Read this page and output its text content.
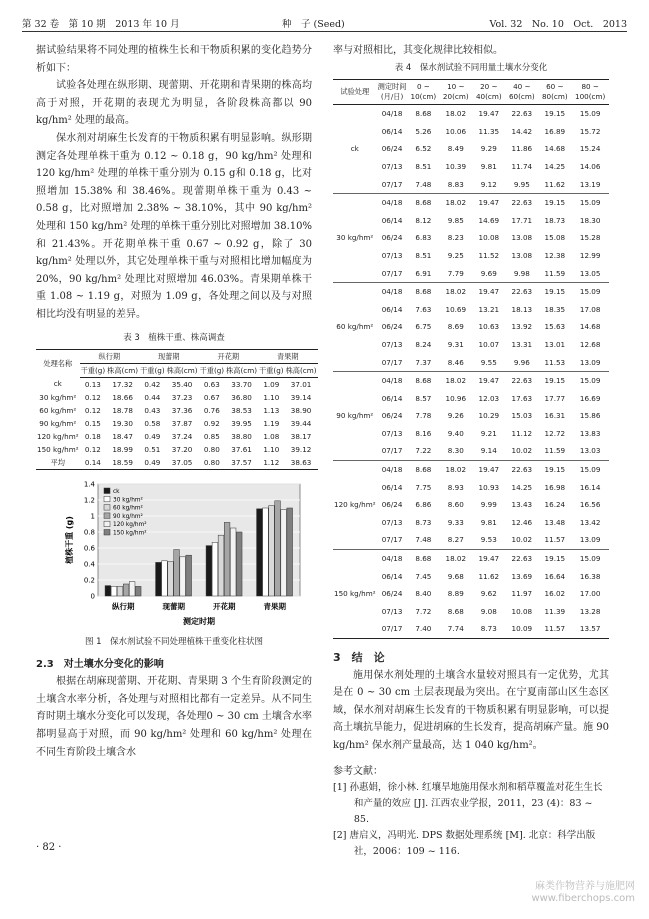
第 32 卷　第 10 期　2013 年 10 月	种　子 (Seed)	Vol. 32　No. 10　Oct.　2013

据试验结果将不同处理的植株生长和干物质积累的变化趋势分析如下：

试验各处理在纵形期、现蕾期、开花期和青果期的株高均高于对照，开花期的表现尤为明显，各阶段株高都以 90 kg/hm² 处理的最高。

保水剂对胡麻生长发育的干物质积累有明显影响。纵形期测定各处理单株干重为 0.12 ~ 0.18 g，90 kg/hm² 处理和 120 kg/hm² 处理的单株干重分别为 0.15 g和 0.18 g，比对照增加 15.38% 和 38.46%。现蕾期单株干重为 0.43 ~ 0.58 g，比对照增加 2.38% ~ 38.10%，其中 90 kg/hm² 处理和 150 kg/hm² 处理的单株干重分别比对照增加 38.10% 和 21.43%。开花期单株干重 0.67 ~ 0.92 g，除了 30 kg/hm² 处理以外，其它处理单株干重与对照相比增加幅度为 20%，90 kg/hm² 处理比对照增加 46.03%。青果期单株干重 1.08 ~ 1.19 g，对照为 1.09 g，各处理之间以及与对照相比均没有明显的差异。

表 3　植株干重、株高调查
处理名称	纵行期		现蕾期		开花期		青果期	
	干重(g)	株高(cm)	干重(g)	株高(cm)	干重(g)	株高(cm)	干重(g)	株高(cm)
ck	0.13	17.32	0.42	35.40	0.63	33.70	1.09	37.01
30 kg/hm²	0.12	18.66	0.44	37.23	0.67	36.80	1.10	39.14
60 kg/hm²	0.12	18.78	0.43	37.36	0.76	38.53	1.13	38.90
90 kg/hm²	0.15	19.30	0.58	37.87	0.92	39.95	1.19	39.44
120 kg/hm²	0.18	18.47	0.49	37.24	0.85	38.80	1.08	38.17
150 kg/hm²	0.12	18.99	0.51	37.20	0.80	37.61	1.10	39.12
平均	0.14	18.59	0.49	37.05	0.80	37.57	1.12	38.63
0
0.2
0.4
0.6
0.8
1
1.2
1.4
植株干重 (g)
测定时期
纵行期	现蕾期	开花期	青果期
ck
30 kg/hm²
60 kg/hm²
90 kg/hm²
120 kg/hm²
150 kg/hm²
图 1　保水剂试验不同处理植株干重变化柱状图

2.3　对土壤水分变化的影响

根据在胡麻现蕾期、开花期、青果期 3 个生育阶段测定的土壤含水率分析，各处理与对照相比都有一定差异。从不同生育时期土壤水分变化可以发现，各处理0 ~ 30 cm 土壤含水率都明显高于对照，而 90 kg/hm² 处理和 60 kg/hm² 处理在不同生育阶段土壤含水

· 82 ·

率与对照相比，其变化规律比较相似。

表 4　保水剂试验不同用量土壤水分变化
试验处理	测定时间(月/日)	0 ~ 10(cm)	10 ~ 20(cm)	20 ~ 40(cm)	40 ~ 60(cm)	60 ~ 80(cm)	80 ~ 100(cm)
ck	04/18	8.68	18.02	19.47	22.63	19.15	15.09
	06/14	5.26	10.06	11.35	14.42	16.89	15.72
	06/24	6.52	8.49	9.29	11.86	14.68	15.24
	07/13	8.51	10.39	9.81	11.74	14.25	14.06
	07/17	7.48	8.83	9.12	9.95	11.62	13.19
30 kg/hm²	04/18	8.68	18.02	19.47	22.63	19.15	15.09
	06/14	8.12	9.85	14.69	17.71	18.73	18.30
	06/24	6.83	8.23	10.08	13.08	15.08	15.28
	07/13	8.51	9.25	11.52	13.08	12.38	12.99
	07/17	6.91	7.79	9.69	9.98	11.59	13.05
60 kg/hm²	04/18	8.68	18.02	19.47	22.63	19.15	15.09
	06/14	7.63	10.69	13.21	18.13	18.35	17.08
	06/24	6.75	8.69	10.63	13.92	15.63	14.68
	07/13	8.24	9.31	10.07	13.31	13.01	12.68
	07/17	7.37	8.46	9.55	9.96	11.53	13.09
90 kg/hm²	04/18	8.68	18.02	19.47	22.63	19.15	15.09
	06/14	8.57	10.96	12.03	17.63	17.77	16.69
	06/24	7.78	9.26	10.29	15.03	16.31	15.86
	07/13	8.16	9.40	9.21	11.12	12.72	13.83
	07/17	7.22	8.30	9.14	10.02	11.59	13.03
120 kg/hm²	04/18	8.68	18.02	19.47	22.63	19.15	15.09
	06/14	7.75	8.93	10.93	14.25	16.98	16.14
	06/24	6.86	8.60	9.99	13.43	16.24	16.56
	07/13	8.73	9.33	9.81	12.46	13.48	13.42
	07/17	7.48	8.27	9.53	10.02	11.57	13.09
150 kg/hm²	04/18	8.68	18.02	19.47	22.63	19.15	15.09
	06/14	7.45	9.68	11.62	13.69	16.64	16.38
	06/24	8.40	8.89	9.62	11.97	16.02	17.00
	07/13	7.72	8.68	9.08	10.08	11.39	13.28
	07/17	7.40	7.74	8.73	10.09	11.57	13.57

3　结　论

施用保水剂处理的土壤含水量较对照具有一定优势，尤其是在 0 ~ 30 cm 土层表现最为突出。在宁夏南部山区生态区域，保水剂对胡麻生长发育的干物质积累有明显影响，可以提高土壤抗旱能力，促进胡麻的生长发育，提高胡麻产量。施 90 kg/hm² 保水剂产量最高，达 1 040 kg/hm²。

参考文献：

[1] 孙惠娟，徐小林. 红壤旱地施用保水剂和稻草覆盖对花生生长和产量的效应 [J]. 江西农业学报，2011，23 (4)：83 ~ 85.
[2] 唐启义，冯明光. DPS 数据处理系统 [M]. 北京：科学出版社，2006：109 ~ 116.
麻类作物营养与施肥网
www.fiberchops.com
